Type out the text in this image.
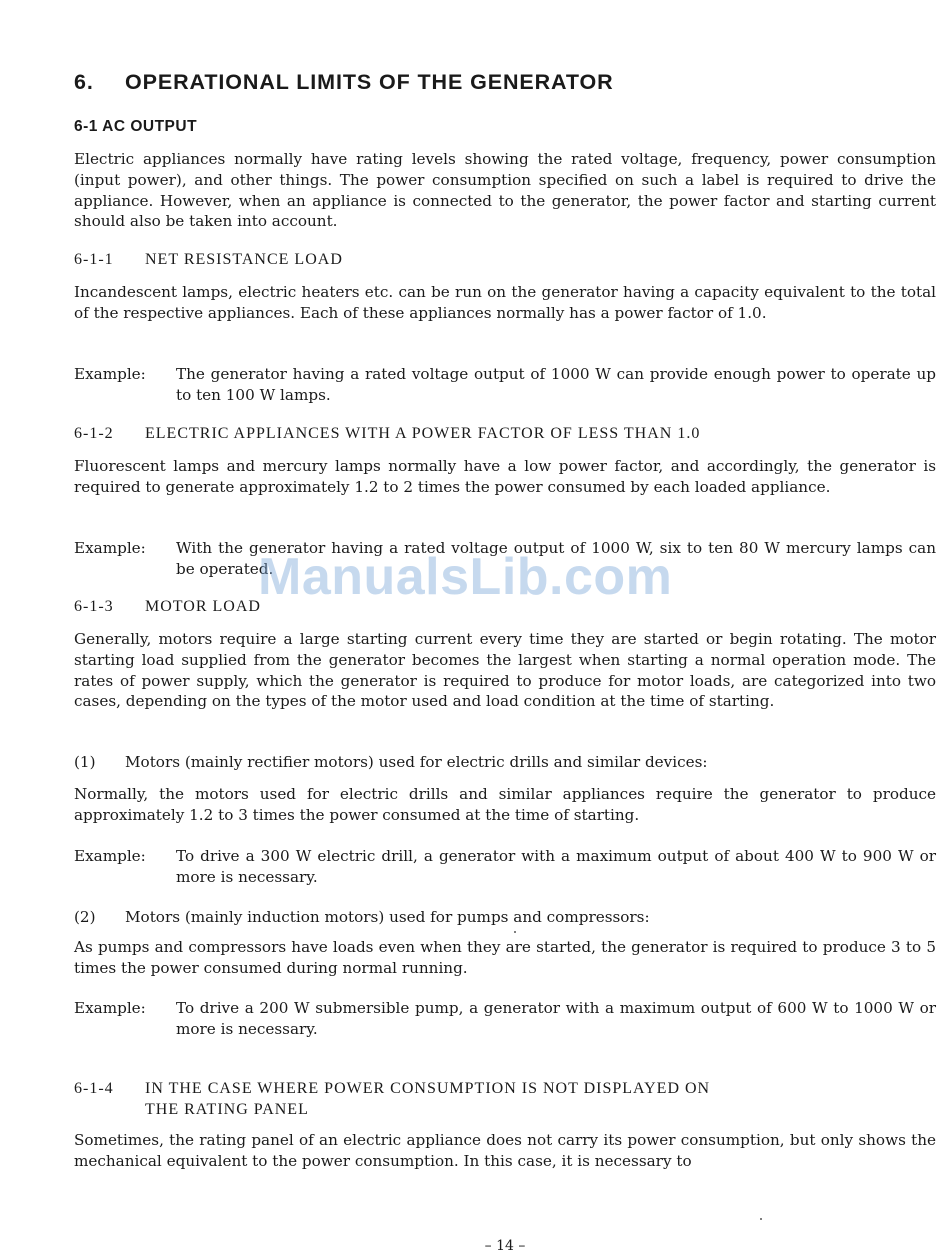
6. OPERATIONAL LIMITS OF THE GENERATOR
6-1 AC OUTPUT

Electric appliances normally have rating levels showing the rated voltage, frequency, power consumption (input power), and other things. The power consumption specified on such a label is required to drive the appliance. However, when an appliance is connected to the generator, the power factor and starting current should also be taken into account.

6-1-1 NET RESISTANCE LOAD

Incandescent lamps, electric heaters etc. can be run on the generator having a capacity equivalent to the total of the respective appliances. Each of these appliances normally has a power factor of 1.0.

Example: The generator having a rated voltage output of 1000 W can provide enough power to operate up to ten 100 W lamps.
6-1-2 ELECTRIC APPLIANCES WITH A POWER FACTOR OF LESS THAN 1.0

Fluorescent lamps and mercury lamps normally have a low power factor, and accordingly, the generator is required to generate approximately 1.2 to 2 times the power consumed by each loaded appliance.

Example: With the generator having a rated voltage output of 1000 W, six to ten 80 W mercury lamps can be operated.
6-1-3 MOTOR LOAD

Generally, motors require a large starting current every time they are started or begin rotating. The motor starting load supplied from the generator becomes the largest when starting a normal operation mode. The rates of power supply, which the generator is required to produce for motor loads, are categorized into two cases, depending on the types of the motor used and load condition at the time of starting.

(1) Motors (mainly rectifier motors) used for electric drills and similar devices:

Normally, the motors used for electric drills and similar appliances require the generator to produce approximately 1.2 to 3 times the power consumed at the time of starting.

Example: To drive a 300 W electric drill, a generator with a maximum output of about 400 W to 900 W or more is necessary.
(2) Motors (mainly induction motors) used for pumps and compressors:

As pumps and compressors have loads even when they are started, the generator is required to produce 3 to 5 times the power consumed during normal running.

Example: To drive a 200 W submersible pump, a generator with a maximum output of 600 W to 1000 W or more is necessary.
6-1-4 IN THE CASE WHERE POWER CONSUMPTION IS NOT DISPLAYED ON
THE RATING PANEL

Sometimes, the rating panel of an electric appliance does not carry its power consumption, but only shows the mechanical equivalent to the power consumption. In this case, it is necessary to

ManualsLib.com
– 14 –
